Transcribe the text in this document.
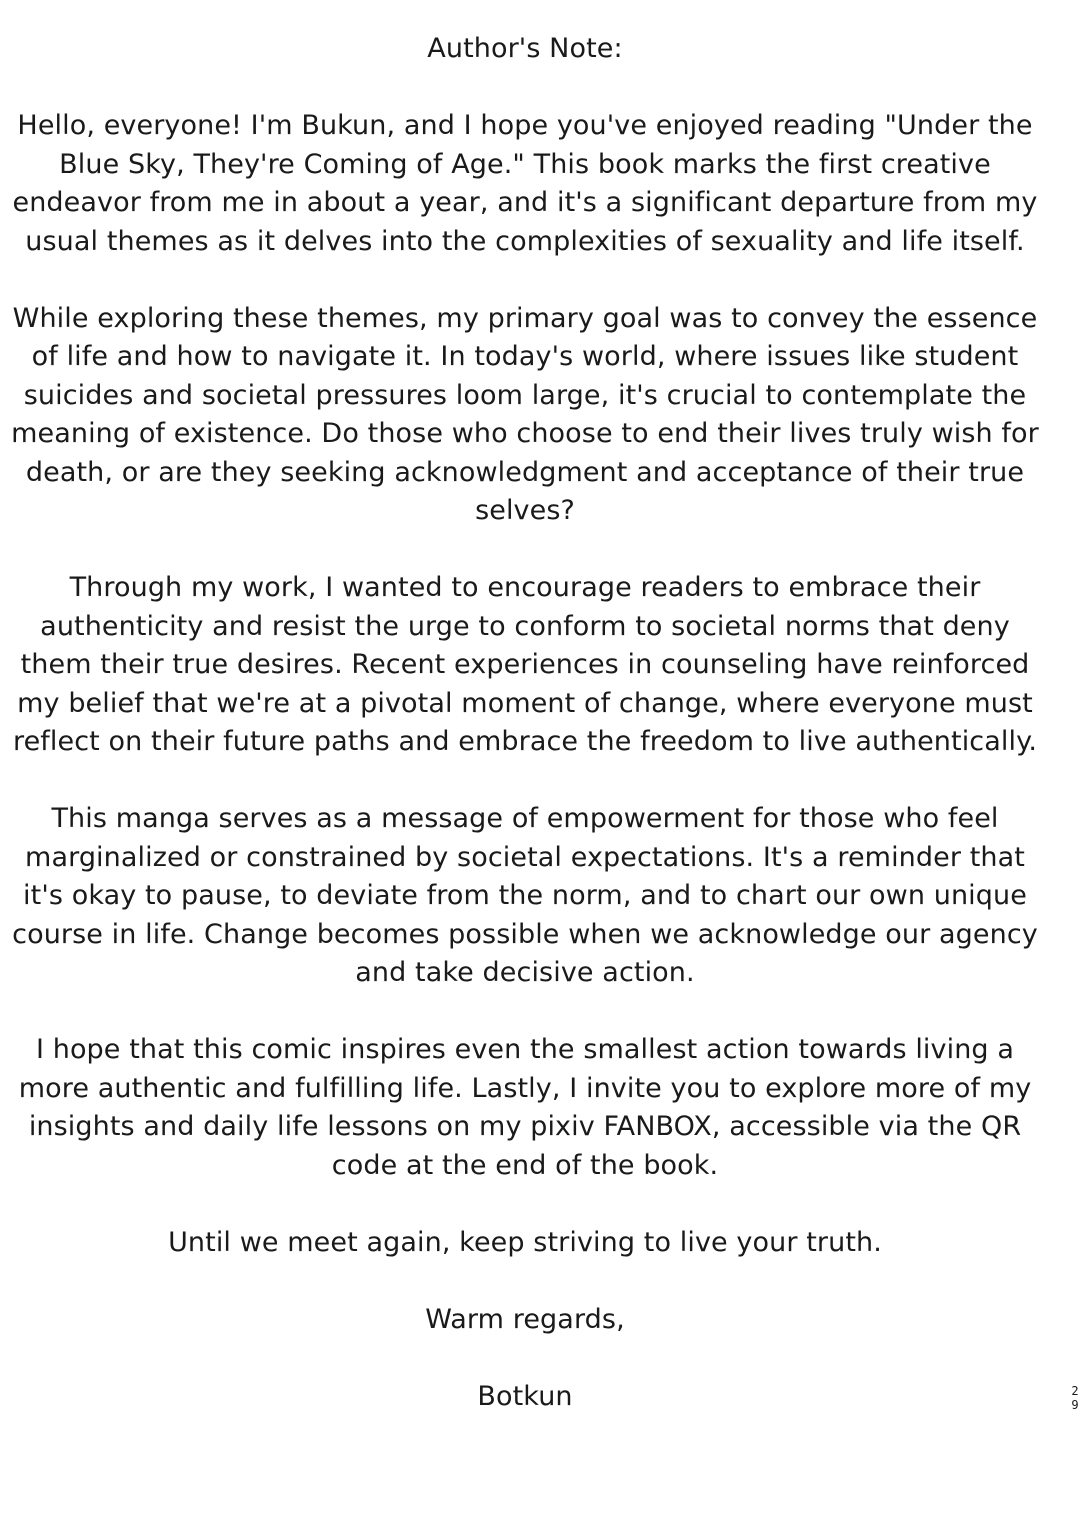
Author's Note:

Hello, everyone! I'm Bukun, and I hope you've enjoyed reading "Under the Blue Sky, They're Coming of Age." This book marks the first creative endeavor from me in about a year, and it's a significant departure from my usual themes as it delves into the complexities of sexuality and life itself.

While exploring these themes, my primary goal was to convey the essence of life and how to navigate it. In today's world, where issues like student suicides and societal pressures loom large, it's crucial to contemplate the meaning of existence. Do those who choose to end their lives truly wish for death, or are they seeking acknowledgment and acceptance of their true selves?

Through my work, I wanted to encourage readers to embrace their authenticity and resist the urge to conform to societal norms that deny them their true desires. Recent experiences in counseling have reinforced my belief that we're at a pivotal moment of change, where everyone must reflect on their future paths and embrace the freedom to live authentically.

This manga serves as a message of empowerment for those who feel marginalized or constrained by societal expectations. It's a reminder that it's okay to pause, to deviate from the norm, and to chart our own unique course in life. Change becomes possible when we acknowledge our agency and take decisive action.

I hope that this comic inspires even the smallest action towards living a more authentic and fulfilling life. Lastly, I invite you to explore more of my insights and daily life lessons on my pixiv FANBOX, accessible via the QR code at the end of the book.

Until we meet again, keep striving to live your truth.

Warm regards,

Botkun	2
9
